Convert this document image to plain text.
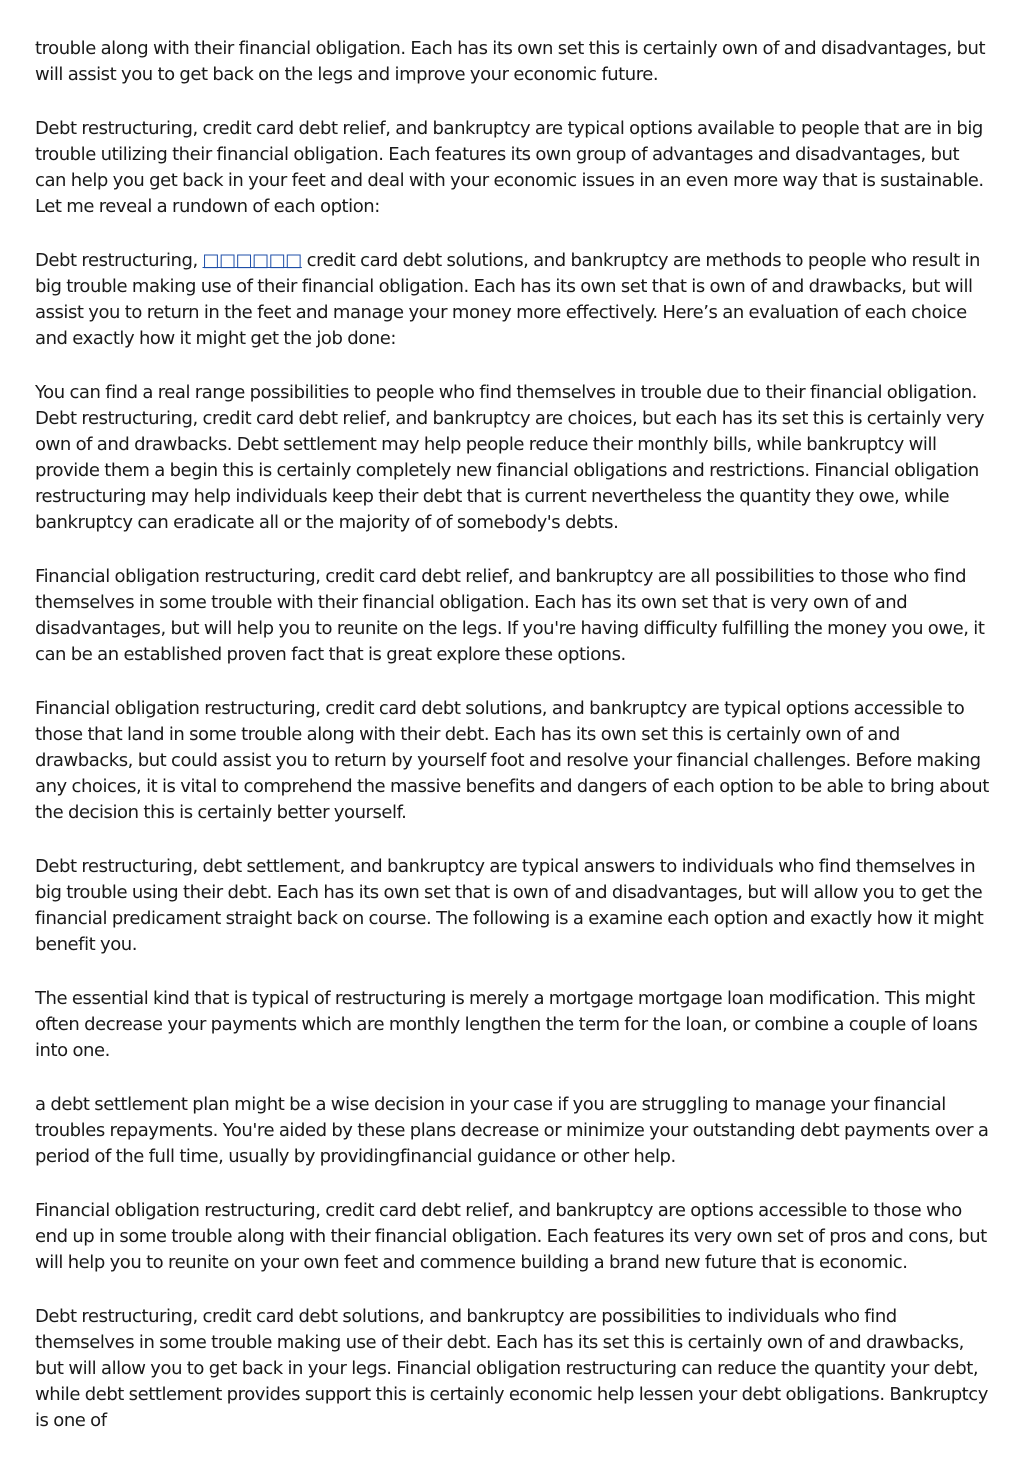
trouble along with their financial obligation. Each has its own set this is certainly own of and disadvantages, but will assist you to get back on the legs and improve your economic future.

Debt restructuring, credit card debt relief, and bankruptcy are typical options available to people that are in big trouble utilizing their financial obligation. Each features its own group of advantages and disadvantages, but can help you get back in your feet and deal with your economic issues in an even more way that is sustainable. Let me reveal a rundown of each option:

Debt restructuring, □□□□□□ credit card debt solutions, and bankruptcy are methods to people who result in big trouble making use of their financial obligation. Each has its own set that is own of and drawbacks, but will assist you to return in the feet and manage your money more effectively. Here’s an evaluation of each choice and exactly how it might get the job done:

You can find a real range possibilities to people who find themselves in trouble due to their financial obligation. Debt restructuring, credit card debt relief, and bankruptcy are choices, but each has its set this is certainly very own of and drawbacks. Debt settlement may help people reduce their monthly bills, while bankruptcy will provide them a begin this is certainly completely new financial obligations and restrictions. Financial obligation restructuring may help individuals keep their debt that is current nevertheless the quantity they owe, while bankruptcy can eradicate all or the majority of of somebody's debts.

Financial obligation restructuring, credit card debt relief, and bankruptcy are all possibilities to those who find themselves in some trouble with their financial obligation. Each has its own set that is very own of and disadvantages, but will help you to reunite on the legs. If you're having difficulty fulfilling the money you owe, it can be an established proven fact that is great explore these options.

Financial obligation restructuring, credit card debt solutions, and bankruptcy are typical options accessible to those that land in some trouble along with their debt. Each has its own set this is certainly own of and drawbacks, but could assist you to return by yourself foot and resolve your financial challenges. Before making any choices, it is vital to comprehend the massive benefits and dangers of each option to be able to bring about the decision this is certainly better yourself.

Debt restructuring, debt settlement, and bankruptcy are typical answers to individuals who find themselves in big trouble using their debt. Each has its own set that is own of and disadvantages, but will allow you to get the financial predicament straight back on course. The following is a examine each option and exactly how it might benefit you.

The essential kind that is typical of restructuring is merely a mortgage mortgage loan modification. This might often decrease your payments which are monthly lengthen the term for the loan, or combine a couple of loans into one.

a debt settlement plan might be a wise decision in your case if you are struggling to manage your financial troubles repayments. You're aided by these plans decrease or minimize your outstanding debt payments over a period of the full time, usually by providingfinancial guidance or other help.

Financial obligation restructuring, credit card debt relief, and bankruptcy are options accessible to those who end up in some trouble along with their financial obligation. Each features its very own set of pros and cons, but will help you to reunite on your own feet and commence building a brand new future that is economic.

Debt restructuring, credit card debt solutions, and bankruptcy are possibilities to individuals who find themselves in some trouble making use of their debt. Each has its set this is certainly own of and drawbacks, but will allow you to get back in your legs. Financial obligation restructuring can reduce the quantity your debt, while debt settlement provides support this is certainly economic help lessen your debt obligations. Bankruptcy is one of
